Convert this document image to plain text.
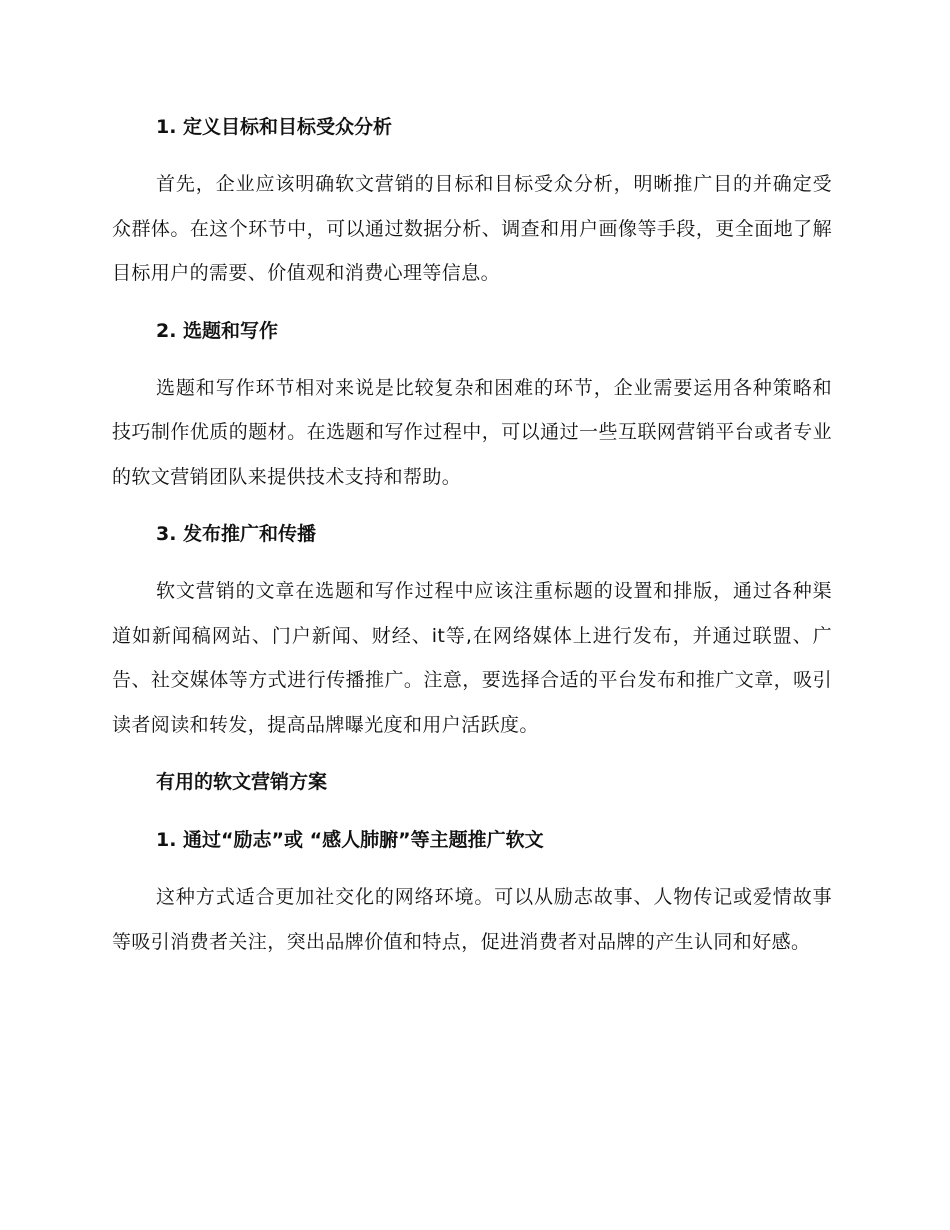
1. 定义目标和目标受众分析

首先，企业应该明确软文营销的目标和目标受众分析，明晰推广目的并确定受众群体。在这个环节中，可以通过数据分析、调查和用户画像等手段，更全面地了解目标用户的需要、价值观和消费心理等信息。

2. 选题和写作

选题和写作环节相对来说是比较复杂和困难的环节，企业需要运用各种策略和技巧制作优质的题材。在选题和写作过程中，可以通过一些互联网营销平台或者专业的软文营销团队来提供技术支持和帮助。

3. 发布推广和传播

软文营销的文章在选题和写作过程中应该注重标题的设置和排版，通过各种渠道如新闻稿网站、门户新闻、财经、it等,在网络媒体上进行发布，并通过联盟、广告、社交媒体等方式进行传播推广。注意，要选择合适的平台发布和推广文章，吸引读者阅读和转发，提高品牌曝光度和用户活跃度。

有用的软文营销方案

1. 通过“励志”或 “感人肺腑”等主题推广软文

这种方式适合更加社交化的网络环境。可以从励志故事、人物传记或爱情故事等吸引消费者关注，突出品牌价值和特点，促进消费者对品牌的产生认同和好感。
